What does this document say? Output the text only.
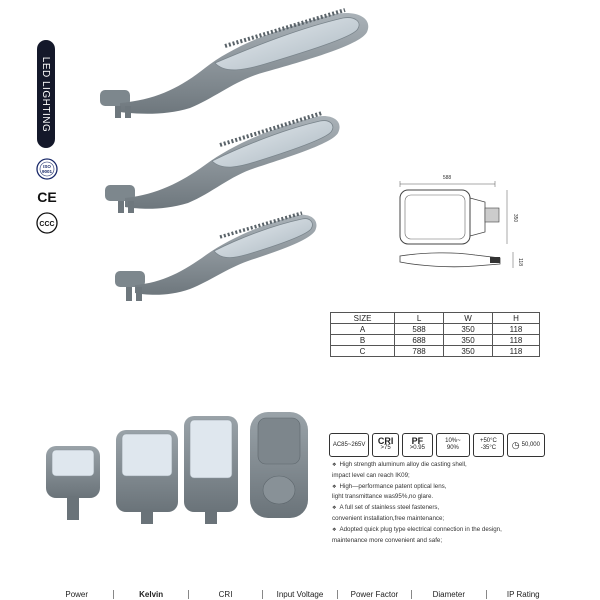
LED LIGHTING
ISO
9001
CE
CCC
588
350
118
SIZE	L	W	H
A	588	350	118
B	688	350	118
C	788	350	118
AC85~265V CRI
>75
PF
>0.95
10%~
90%
+50°C
-35°C ◷ 50,000

❖ High strength aluminum alloy die casting shell,

impact level can reach IK09;

❖ High—performance patent optical lens,

light transmittance was95%,no glare.

❖ A full set of stainless steel fasteners,

convenient installation,free maintenance;

❖ Adopted quick plug type electrical connection in the design,

maintenance more convenient and safe;

Power	Kelvin	CRI	Input Voltage	Power Factor	Diameter	IP Rating
